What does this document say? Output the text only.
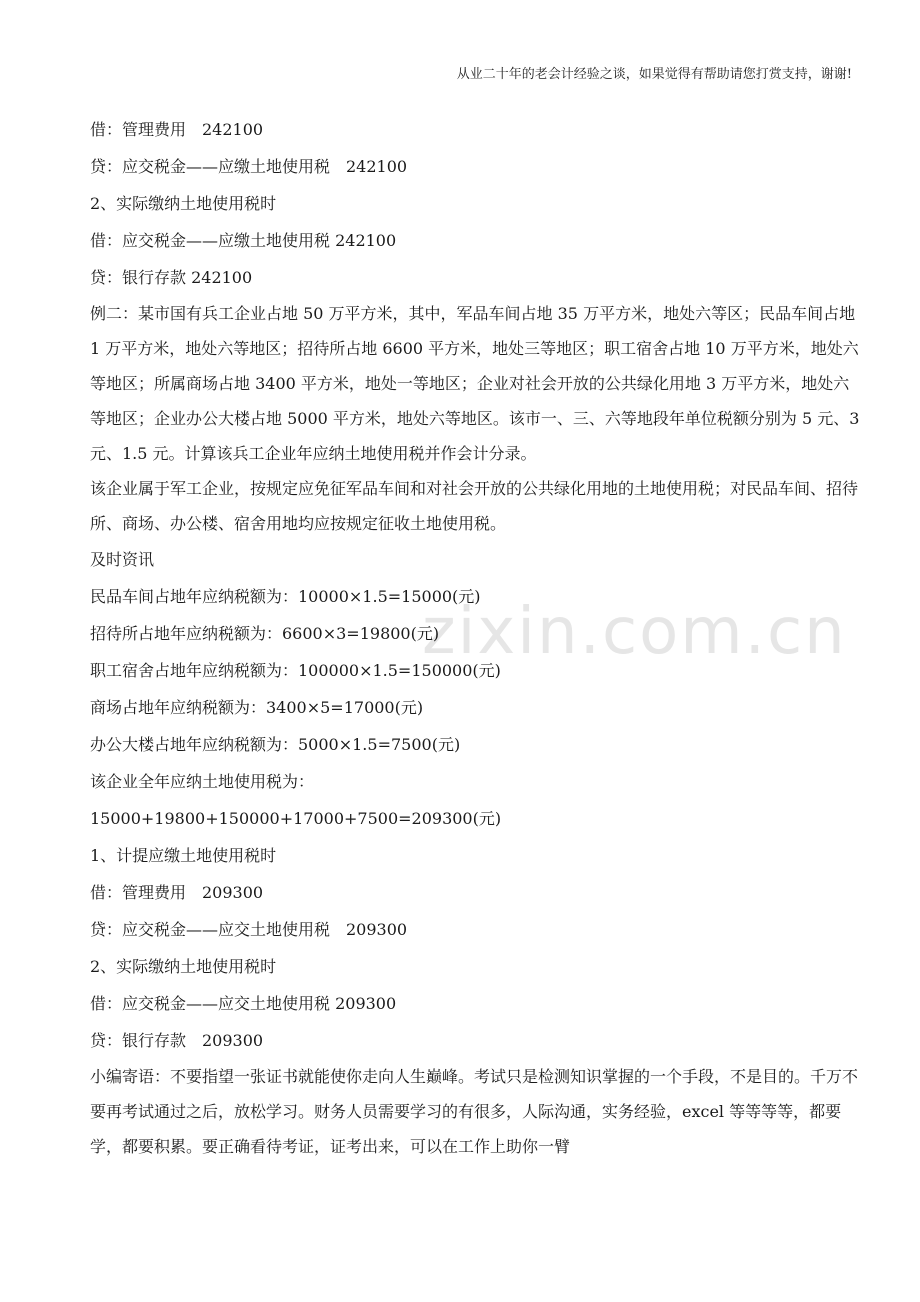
从业二十年的老会计经验之谈，如果觉得有帮助请您打赏支持，谢谢!
zixin.com.cn
借：管理费用　242100
贷：应交税金——应缴土地使用税　242100
2、实际缴纳土地使用税时
借：应交税金——应缴土地使用税 242100
贷：银行存款 242100

例二：某市国有兵工企业占地 50 万平方米，其中，军品车间占地 35 万平方米，地处六等区；民品车间占地 1 万平方米，地处六等地区；招待所占地 6600 平方米，地处三等地区；职工宿舍占地 10 万平方米，地处六等地区；所属商场占地 3400 平方米，地处一等地区；企业对社会开放的公共绿化用地 3 万平方米，地处六等地区；企业办公大楼占地 5000 平方米，地处六等地区。该市一、三、六等地段年单位税额分别为 5 元、3 元、1.5 元。计算该兵工企业年应纳土地使用税并作会计分录。

该企业属于军工企业，按规定应免征军品车间和对社会开放的公共绿化用地的土地使用税；对民品车间、招待所、商场、办公楼、宿舍用地均应按规定征收土地使用税。

及时资讯
民品车间占地年应纳税额为：10000×1.5=15000(元)
招待所占地年应纳税额为：6600×3=19800(元)
职工宿舍占地年应纳税额为：100000×1.5=150000(元)
商场占地年应纳税额为：3400×5=17000(元)
办公大楼占地年应纳税额为：5000×1.5=7500(元)
该企业全年应纳土地使用税为：
15000+19800+150000+17000+7500=209300(元)
1、计提应缴土地使用税时
借：管理费用　209300
贷：应交税金——应交土地使用税　209300
2、实际缴纳土地使用税时
借：应交税金——应交土地使用税 209300
贷：银行存款　209300

小编寄语：不要指望一张证书就能使你走向人生巅峰。考试只是检测知识掌握的一个手段，不是目的。千万不要再考试通过之后，放松学习。财务人员需要学习的有很多，人际沟通，实务经验，excel 等等等等，都要学，都要积累。要正确看待考证，证考出来，可以在工作上助你一臂
